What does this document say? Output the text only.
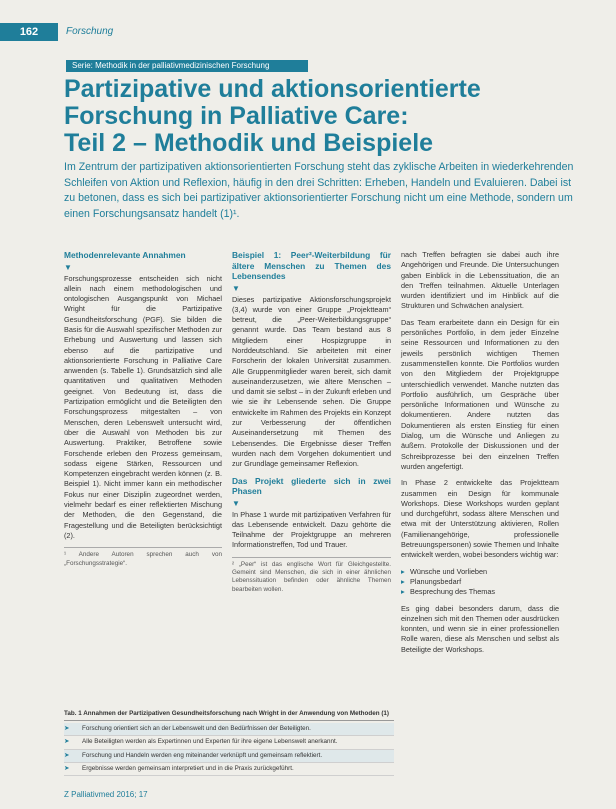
162	Forschung
Serie: Methodik in der palliativmedizinischen Forschung
Partizipative und aktionsorientierte
Forschung in Palliative Care:
Teil 2 – Methodik und Beispiele
Im Zentrum der partizipativen aktionsorientierten Forschung steht das zyklische Arbeiten in wiederkehrenden Schleifen von Aktion und Reflexion, häufig in den drei Schritten: Erheben, Handeln und Evaluieren. Dabei ist zu betonen, dass es sich bei partizipativer aktionsorientierter Forschung nicht um eine Methode, sondern um einen Forschungsansatz handelt (1)¹.
Methodenrelevante Annahmen
▼

Forschungsprozesse entscheiden sich nicht allein nach einem methodologischen und ontologischen Ausgangspunkt von Michael Wright für die Partizipative Gesundheitsforschung (PGF). Sie bilden die Basis für die Auswahl spezifischer Methoden zur Erhebung und Auswertung und lassen sich ebenso auf die partizipative und aktionsorientierte Forschung in Palliative Care anwenden (s. Tabelle 1). Grundsätzlich sind alle quantitativen und qualitativen Methoden geeignet. Von Bedeutung ist, dass die Partizipation ermöglicht und die Beteiligten den Forschungsprozess mitgestalten – von Menschen, deren Lebenswelt untersucht wird, über die Auswahl von Methoden bis zur Auswertung. Praktiker, Betroffene sowie Forschende erleben den Prozess gemeinsam, sodass eigene Stärken, Ressourcen und Kompetenzen eingebracht werden können (z. B. Beispiel 1). Nicht immer kann ein methodischer Fokus nur einer Disziplin zugeordnet werden, vielmehr bedarf es einer reflektierten Mischung der Methoden, die den Gegenstand, die Fragestellung und die Beteiligten berücksichtigt (2).

¹ Andere Autoren sprechen auch von „Forschungsstrategie“.
Beispiel 1: Peer²-Weiterbildung für ältere Menschen zu Themen des Lebensendes
▼

Dieses partizipative Aktionsforschungsprojekt (3,4) wurde von einer Gruppe „Projektteam“ betreut, die „Peer-Weiterbildungsgruppe“ genannt wurde. Das Team bestand aus 8 Mitgliedern einer Hospizgruppe in Norddeutschland. Sie arbeiteten mit einer Forscherin der lokalen Universität zusammen. Alle Gruppenmitglieder waren bereit, sich damit auseinanderzusetzen, wie ältere Menschen – und damit sie selbst – in der Zukunft erleben und wie sie ihr Lebensende sehen. Die Gruppe entwickelte im Rahmen des Projekts ein Konzept zur Verbesserung der öffentlichen Auseinandersetzung mit Themen des Lebensendes. Die Ergebnisse dieser Treffen wurden nach dem Vorgehen dokumentiert und zur Grundlage gemeinsamer Reflexion.

Das Projekt gliederte sich in zwei Phasen
▼

In Phase 1 wurde mit partizipativen Verfahren für das Lebensende entwickelt. Dazu gehörte die Teilnahme der Projektgruppe an mehreren Informationstreffen, Tod und Trauer.

² „Peer“ ist das englische Wort für Gleichgestellte. Gemeint sind Menschen, die sich in einer ähnlichen Lebenssituation befinden oder ähnliche Themen bearbeiten wollen.

nach Treffen befragten sie dabei auch ihre Angehörigen und Freunde. Die Untersuchungen gaben Einblick in die Lebenssituation, die an den Treffen teilnahmen. Aktuelle Unterlagen wurden identifiziert und im Hinblick auf die Strukturen und Schwächen analysiert.

Das Team erarbeitete dann ein Design für ein persönliches Portfolio, in dem jeder Einzelne seine Ressourcen und Informationen zu den jeweils persönlich wichtigen Themen zusammenstellen konnte. Die Portfolios wurden von den Mitgliedern der Projektgruppe unterschiedlich verwendet. Manche nutzten das Portfolio ausführlich, um Gespräche über persönliche Informationen und Wünsche zu dokumentieren. Andere nutzten das Dokumentieren als ersten Einstieg für einen Dialog, um die Wünsche und Anliegen zu äußern. Protokolle der Diskussionen und der Schreibprozesse bei den einzelnen Treffen wurden angefertigt.

In Phase 2 entwickelte das Projektteam zusammen ein Design für kommunale Workshops. Diese Workshops wurden geplant und durchgeführt, sodass ältere Menschen und etwa mit der Unterstützung aktivieren, Rollen (Familienangehörige, professionelle Betreuungspersonen) sowie Themen und Inhalte entwickelt werden, wobei besonders wichtig war:

▸ Wünsche und Vorlieben
▸ Planungsbedarf
▸ Besprechung des Themas

Es ging dabei besonders darum, dass die einzelnen sich mit den Themen oder ausdrücken konnten, und wenn sie in einer professionellen Rolle waren, diese als Menschen und selbst als Beteiligte der Workshops.

Tab. 1 Annahmen der Partizipativen Gesundheitsforschung nach Wright in der Anwendung von Methoden (1)
➤	Forschung orientiert sich an der Lebenswelt und den Bedürfnissen der Beteiligten.
➤	Alle Beteiligten werden als Expertinnen und Experten für ihre eigene Lebenswelt anerkannt.
➤	Forschung und Handeln werden eng miteinander verknüpft und gemeinsam reflektiert.
➤	Ergebnisse werden gemeinsam interpretiert und in die Praxis zurückgeführt.
Z Palliativmed 2016; 17
